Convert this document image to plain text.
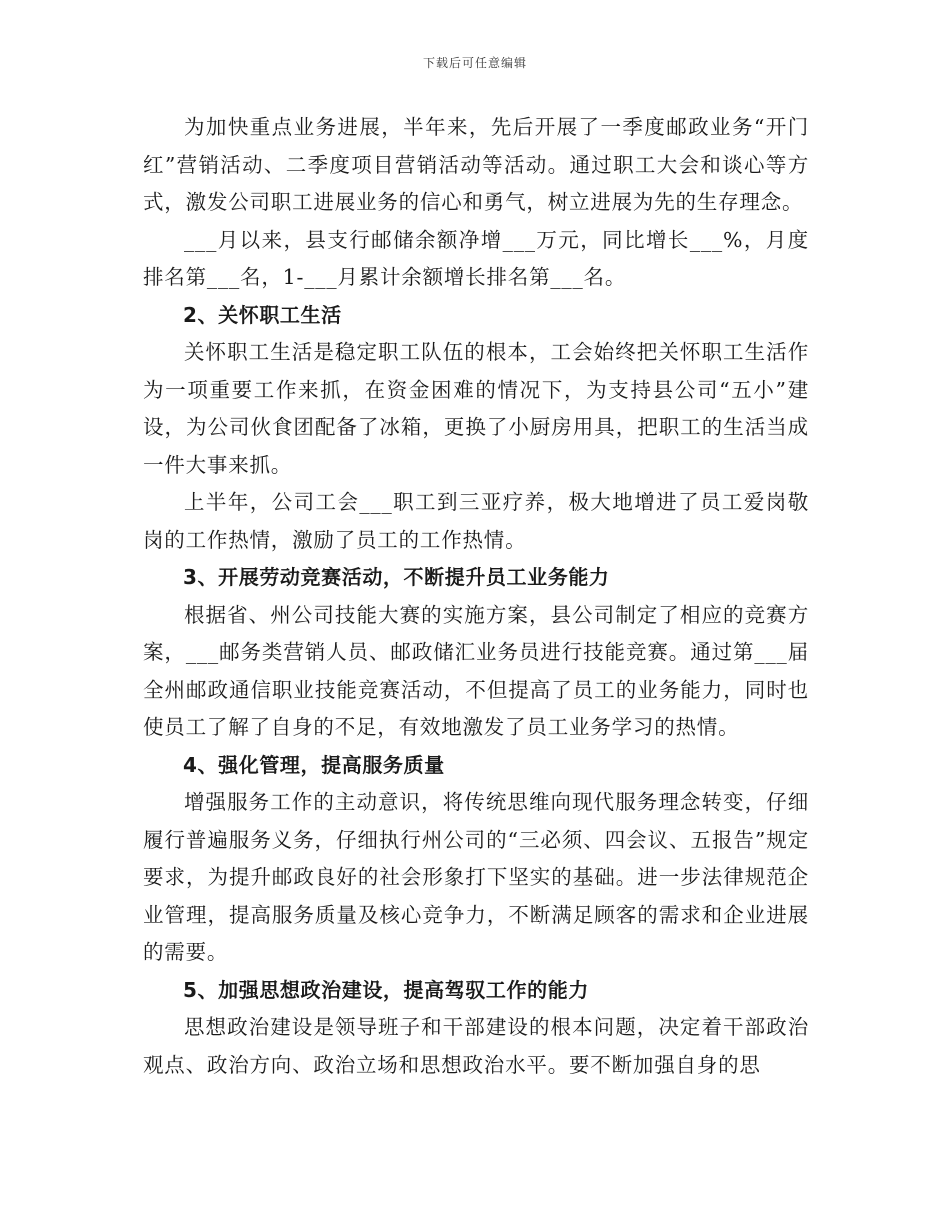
下载后可任意编辑

为加快重点业务进展，半年来，先后开展了一季度邮政业务“开门红”营销活动、二季度项目营销活动等活动。通过职工大会和谈心等方式，激发公司职工进展业务的信心和勇气，树立进展为先的生存理念。

___月以来，县支行邮储余额净增___万元，同比增长___%，月度排名第___名，1-___月累计余额增长排名第___名。

2、关怀职工生活

关怀职工生活是稳定职工队伍的根本，工会始终把关怀职工生活作为一项重要工作来抓，在资金困难的情况下，为支持县公司“五小”建设，为公司伙食团配备了冰箱，更换了小厨房用具，把职工的生活当成一件大事来抓。

上半年，公司工会___职工到三亚疗养，极大地增进了员工爱岗敬岗的工作热情，激励了员工的工作热情。

3、开展劳动竞赛活动，不断提升员工业务能力

根据省、州公司技能大赛的实施方案，县公司制定了相应的竞赛方案，___邮务类营销人员、邮政储汇业务员进行技能竞赛。通过第___届全州邮政通信职业技能竞赛活动，不但提高了员工的业务能力，同时也使员工了解了自身的不足，有效地激发了员工业务学习的热情。

4、强化管理，提高服务质量

增强服务工作的主动意识，将传统思维向现代服务理念转变，仔细履行普遍服务义务，仔细执行州公司的“三必须、四会议、五报告”规定要求，为提升邮政良好的社会形象打下坚实的基础。进一步法律规范企业管理，提高服务质量及核心竞争力，不断满足顾客的需求和企业进展的需要。

5、加强思想政治建设，提高驾驭工作的能力

思想政治建设是领导班子和干部建设的根本问题，决定着干部政治观点、政治方向、政治立场和思想政治水平。要不断加强自身的思
